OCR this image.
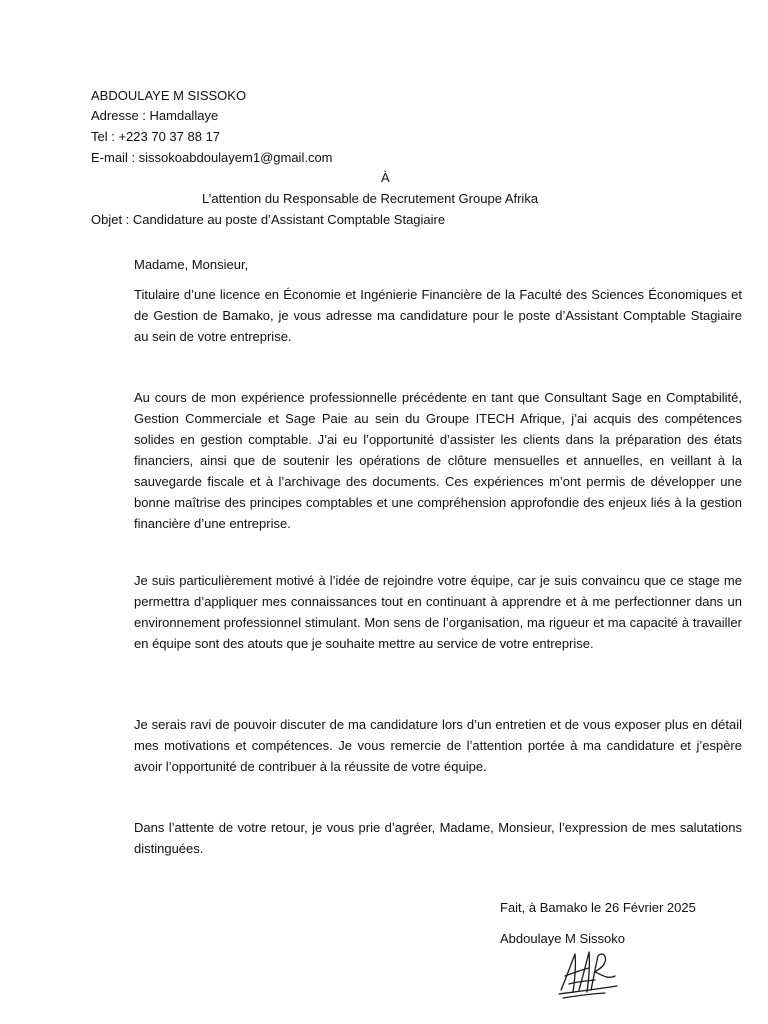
ABDOULAYE M SISSOKO
Adresse : Hamdallaye
Tel : +223 70 37 88 17
E-mail : sissokoabdoulayem1@gmail.com
À
L’attention du Responsable de Recrutement Groupe Afrika
Objet : Candidature au poste d’Assistant Comptable Stagiaire
Madame, Monsieur,
Titulaire d’une licence en Économie et Ingénierie Financière de la Faculté des Sciences Économiques et de Gestion de Bamako, je vous adresse ma candidature pour le poste d’Assistant Comptable Stagiaire au sein de votre entreprise.
Au cours de mon expérience professionnelle précédente en tant que Consultant Sage en Comptabilité, Gestion Commerciale et Sage Paie au sein du Groupe ITECH Afrique, j’ai acquis des compétences solides en gestion comptable. J’ai eu l’opportunité d’assister les clients dans la préparation des états financiers, ainsi que de soutenir les opérations de clôture mensuelles et annuelles, en veillant à la sauvegarde fiscale et à l’archivage des documents. Ces expériences m’ont permis de développer une bonne maîtrise des principes comptables et une compréhension approfondie des enjeux liés à la gestion financière d’une entreprise.
Je suis particulièrement motivé à l’idée de rejoindre votre équipe, car je suis convaincu que ce stage me permettra d’appliquer mes connaissances tout en continuant à apprendre et à me perfectionner dans un environnement professionnel stimulant. Mon sens de l’organisation, ma rigueur et ma capacité à travailler en équipe sont des atouts que je souhaite mettre au service de votre entreprise.
Je serais ravi de pouvoir discuter de ma candidature lors d’un entretien et de vous exposer plus en détail mes motivations et compétences. Je vous remercie de l’attention portée à ma candidature et j’espère avoir l’opportunité de contribuer à la réussite de votre équipe.
Dans l’attente de votre retour, je vous prie d’agréer, Madame, Monsieur, l’expression de mes salutations distinguées.
Fait, à Bamako le 26 Février 2025
Abdoulaye M Sissoko
